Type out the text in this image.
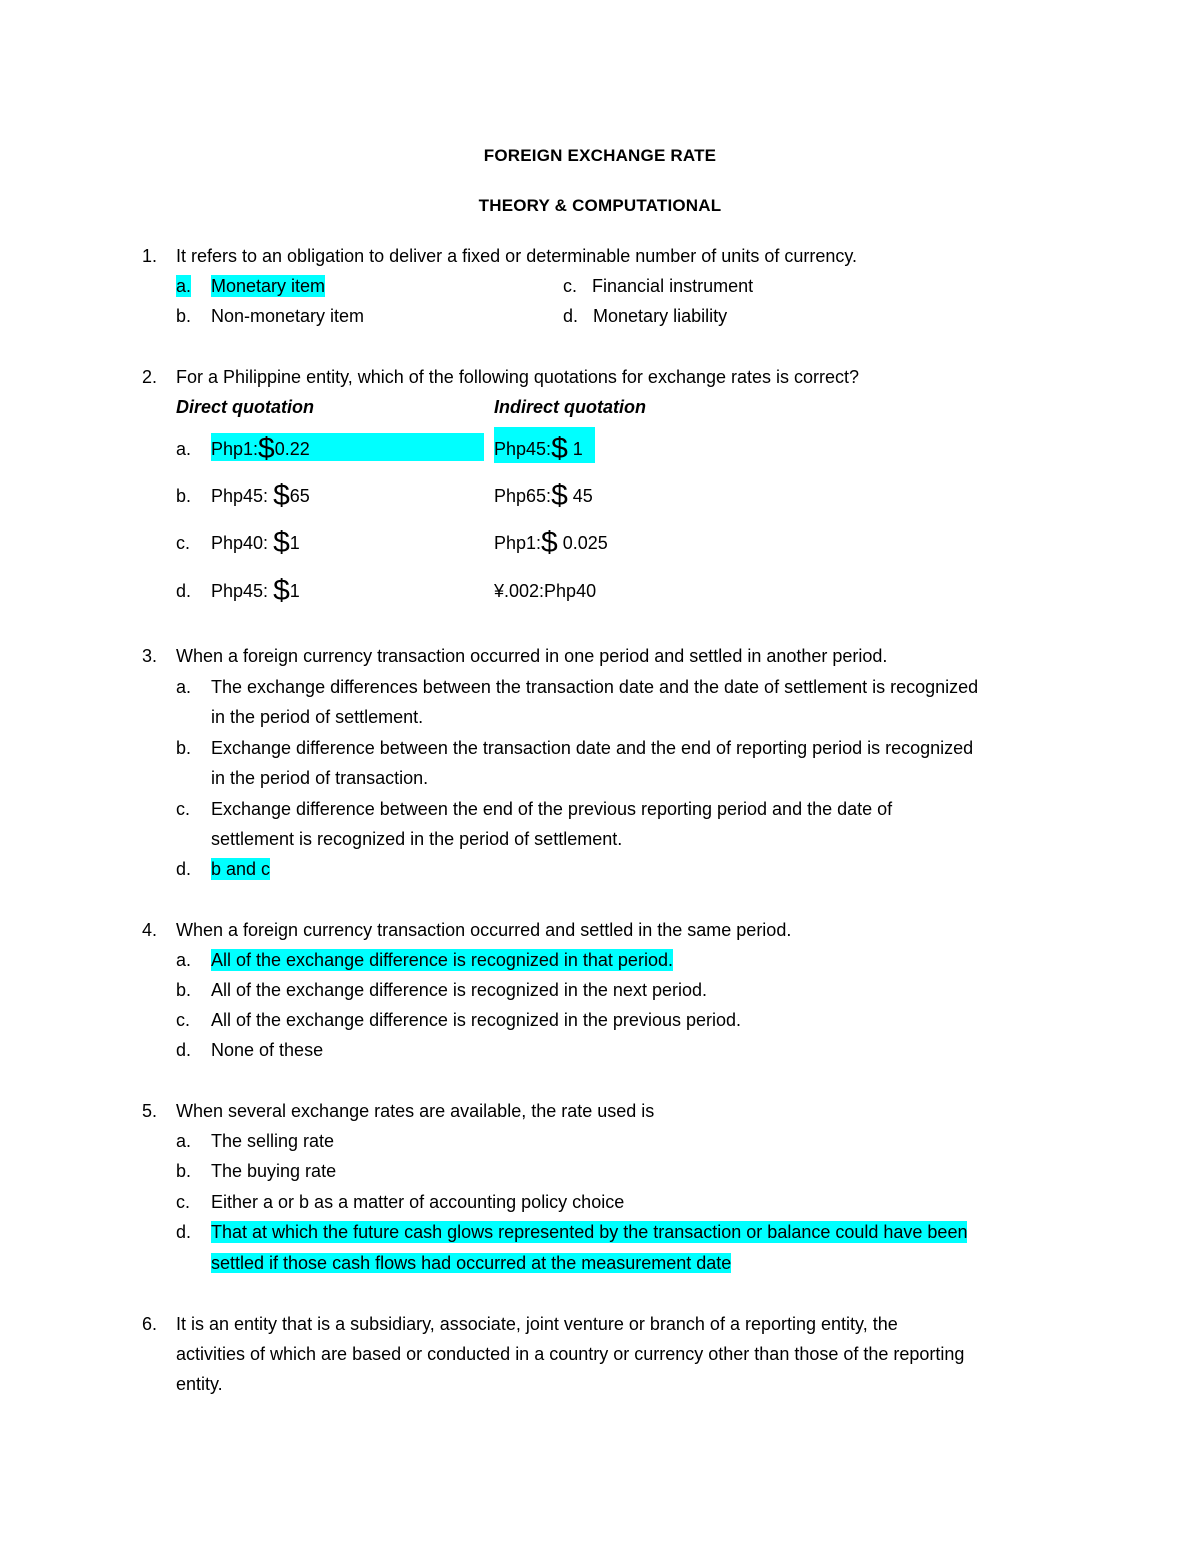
FOREIGN EXCHANGE RATE
THEORY & COMPUTATIONAL
1. It refers to an obligation to deliver a fixed or determinable number of units of currency.
a. Monetary item	c. Financial instrument
b. Non-monetary item	d. Monetary liability
2. For a Philippine entity, which of the following quotations for exchange rates is correct?
Direct quotation	Indirect quotation
a. Php1:$0.22	Php45:$ 1
b. Php45: $65	Php65:$ 45
c. Php40: $1	Php1:$ 0.025
d. Php45: $1	¥.002:Php40
3. When a foreign currency transaction occurred in one period and settled in another period.
a. The exchange differences between the transaction date and the date of settlement is recognized
in the period of settlement.
b. Exchange difference between the transaction date and the end of reporting period is recognized
in the period of transaction.
c. Exchange difference between the end of the previous reporting period and the date of
settlement is recognized in the period of settlement.
d. b and c
4. When a foreign currency transaction occurred and settled in the same period.
a. All of the exchange difference is recognized in that period.
b. All of the exchange difference is recognized in the next period.
c. All of the exchange difference is recognized in the previous period.
d. None of these
5. When several exchange rates are available, the rate used is
a. The selling rate
b. The buying rate
c. Either a or b as a matter of accounting policy choice
d. That at which the future cash glows represented by the transaction or balance could have been
settled if those cash flows had occurred at the measurement date
6. It is an entity that is a subsidiary, associate, joint venture or branch of a reporting entity, the
activities of which are based or conducted in a country or currency other than those of the reporting
entity.
